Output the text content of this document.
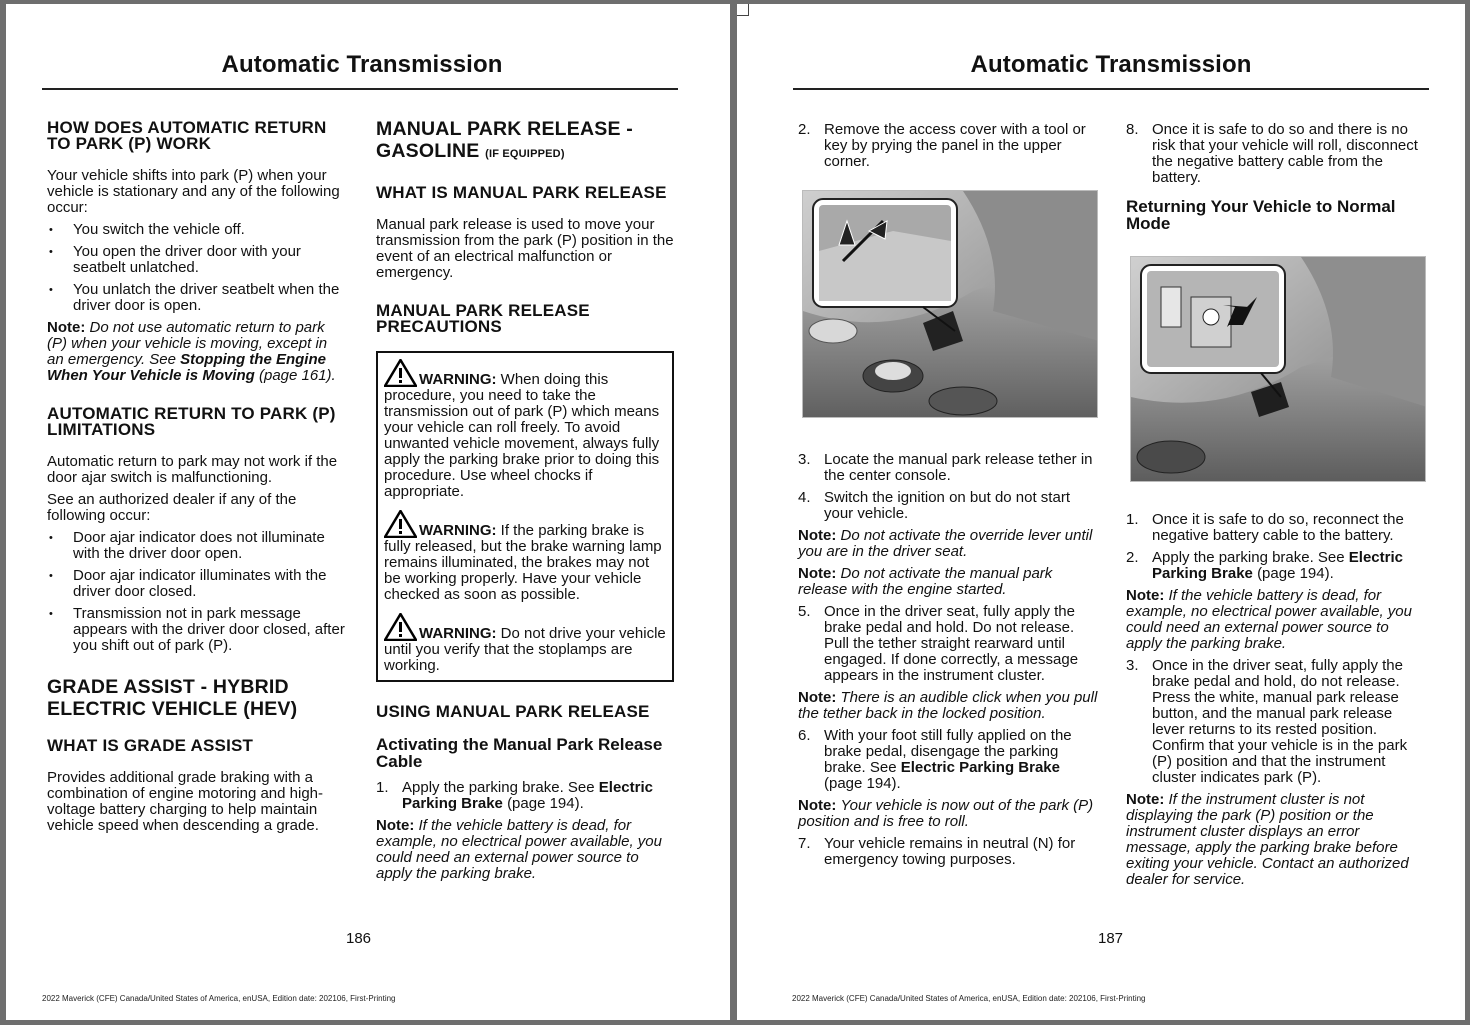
Automatic Transmission
HOW DOES AUTOMATIC RETURN TO PARK (P) WORK

Your vehicle shifts into park (P) when your vehicle is stationary and any of the following occur:

• You switch the vehicle off.
• You open the driver door with your seatbelt unlatched.
• You unlatch the driver seatbelt when the driver door is open.

Note: Do not use automatic return to park (P) when your vehicle is moving, except in an emergency. See Stopping the Engine When Your Vehicle is Moving (page 161).

AUTOMATIC RETURN TO PARK (P) LIMITATIONS

Automatic return to park may not work if the door ajar switch is malfunctioning.

See an authorized dealer if any of the following occur:

• Door ajar indicator does not illuminate with the driver door open.
• Door ajar indicator illuminates with the driver door closed.
• Transmission not in park message appears with the driver door closed, after you shift out of park (P).
GRADE ASSIST - HYBRID ELECTRIC VEHICLE (HEV)
WHAT IS GRADE ASSIST

Provides additional grade braking with a combination of engine motoring and high-voltage battery charging to help maintain vehicle speed when descending a grade.

MANUAL PARK RELEASE - GASOLINE (IF EQUIPPED)
WHAT IS MANUAL PARK RELEASE

Manual park release is used to move your transmission from the park (P) position in the event of an electrical malfunction or emergency.

MANUAL PARK RELEASE PRECAUTIONS

WARNING: When doing this procedure, you need to take the transmission out of park (P) which means your vehicle can roll freely. To avoid unwanted vehicle movement, always fully apply the parking brake prior to doing this procedure. Use wheel chocks if appropriate.

WARNING: If the parking brake is fully released, but the brake warning lamp remains illuminated, the brakes may not be working properly. Have your vehicle checked as soon as possible.

WARNING: Do not drive your vehicle until you verify that the stoplamps are working.

USING MANUAL PARK RELEASE
Activating the Manual Park Release Cable
1. Apply the parking brake. See Electric Parking Brake (page 194).

Note: If the vehicle battery is dead, for example, no electrical power available, you could need an external power source to apply the parking brake.

186
2022 Maverick (CFE) Canada/United States of America, enUSA, Edition date: 202106, First-Printing
Automatic Transmission
2. Remove the access cover with a tool or key by prying the panel in the upper corner.
3. Locate the manual park release tether in the center console.
4. Switch the ignition on but do not start your vehicle.

Note: Do not activate the override lever until you are in the driver seat.

Note: Do not activate the manual park release with the engine started.

5. Once in the driver seat, fully apply the brake pedal and hold. Do not release. Pull the tether straight rearward until engaged. If done correctly, a message appears in the instrument cluster.

Note: There is an audible click when you pull the tether back in the locked position.

6. With your foot still fully applied on the brake pedal, disengage the parking brake. See Electric Parking Brake (page 194).

Note: Your vehicle is now out of the park (P) position and is free to roll.

7. Your vehicle remains in neutral (N) for emergency towing purposes.
8. Once it is safe to do so and there is no risk that your vehicle will roll, disconnect the negative battery cable from the battery.
Returning Your Vehicle to Normal Mode
1. Once it is safe to do so, reconnect the negative battery cable to the battery.
2. Apply the parking brake. See Electric Parking Brake (page 194).

Note: If the vehicle battery is dead, for example, no electrical power available, you could need an external power source to apply the parking brake.

3. Once in the driver seat, fully apply the brake pedal and hold, do not release. Press the white, manual park release button, and the manual park release lever returns to its rested position. Confirm that your vehicle is in the park (P) position and that the instrument cluster indicates park (P).

Note: If the instrument cluster is not displaying the park (P) position or the instrument cluster displays an error message, apply the parking brake before exiting your vehicle. Contact an authorized dealer for service.

187
2022 Maverick (CFE) Canada/United States of America, enUSA, Edition date: 202106, First-Printing
